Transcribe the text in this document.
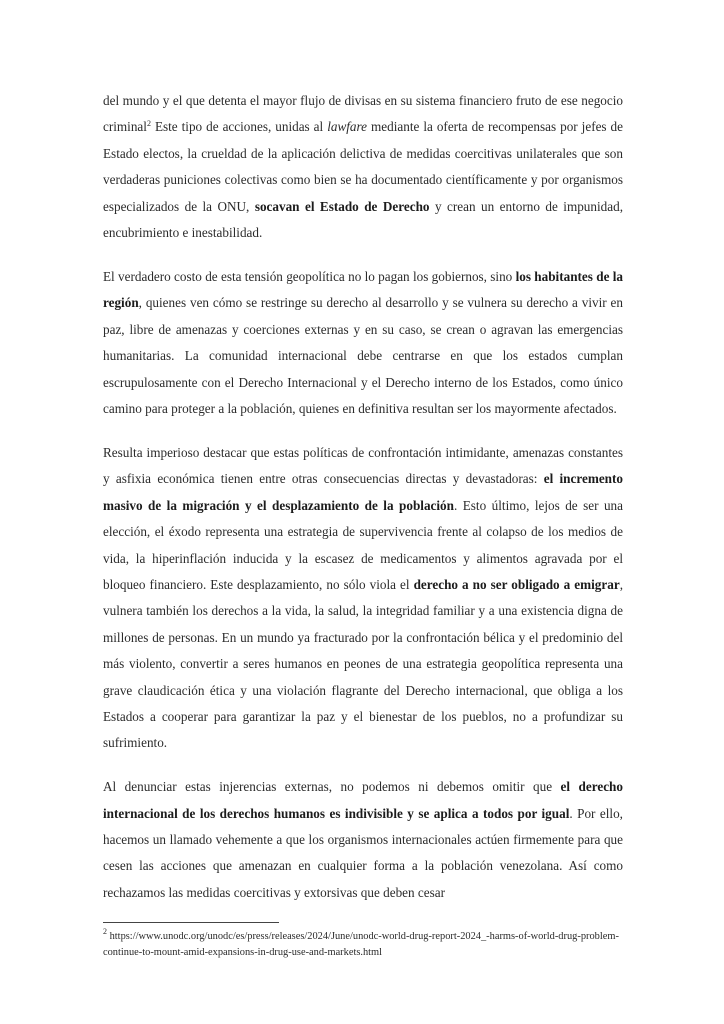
del mundo y el que detenta el mayor flujo de divisas en su sistema financiero fruto de ese negocio criminal$^2$ Este tipo de acciones, unidas al lawfare mediante la oferta de recompensas por jefes de Estado electos, la crueldad de la aplicación delictiva de medidas coercitivas unilaterales que son verdaderas puniciones colectivas como bien se ha documentado científicamente y por organismos especializados de la ONU, socavan el Estado de Derecho y crean un entorno de impunidad, encubrimiento e inestabilidad.

El verdadero costo de esta tensión geopolítica no lo pagan los gobiernos, sino los habitantes de la región, quienes ven cómo se restringe su derecho al desarrollo y se vulnera su derecho a vivir en paz, libre de amenazas y coerciones externas y en su caso, se crean o agravan las emergencias humanitarias. La comunidad internacional debe centrarse en que los estados cumplan escrupulosamente con el Derecho Internacional y el Derecho interno de los Estados, como único camino para proteger a la población, quienes en definitiva resultan ser los mayormente afectados.

Resulta imperioso destacar que estas políticas de confrontación intimidante, amenazas constantes y asfixia económica tienen entre otras consecuencias directas y devastadoras: el incremento masivo de la migración y el desplazamiento de la población. Esto último, lejos de ser una elección, el éxodo representa una estrategia de supervivencia frente al colapso de los medios de vida, la hiperinflación inducida y la escasez de medicamentos y alimentos agravada por el bloqueo financiero. Este desplazamiento, no sólo viola el derecho a no ser obligado a emigrar, vulnera también los derechos a la vida, la salud, la integridad familiar y a una existencia digna de millones de personas. En un mundo ya fracturado por la confrontación bélica y el predominio del más violento, convertir a seres humanos en peones de una estrategia geopolítica representa una grave claudicación ética y una violación flagrante del Derecho internacional, que obliga a los Estados a cooperar para garantizar la paz y el bienestar de los pueblos, no a profundizar su sufrimiento.

Al denunciar estas injerencias externas, no podemos ni debemos omitir que el derecho internacional de los derechos humanos es indivisible y se aplica a todos por igual. Por ello, hacemos un llamado vehemente a que los organismos internacionales actúen firmemente para que cesen las acciones que amenazan en cualquier forma a la población venezolana. Así como rechazamos las medidas coercitivas y extorsivas que deben cesar

$^2$ https://www.unodc.org/unodc/es/press/releases/2024/June/unodc-world-drug-report-2024_-harms-of-world-drug-problem-continue-to-mount-amid-expansions-in-drug-use-and-markets.html
